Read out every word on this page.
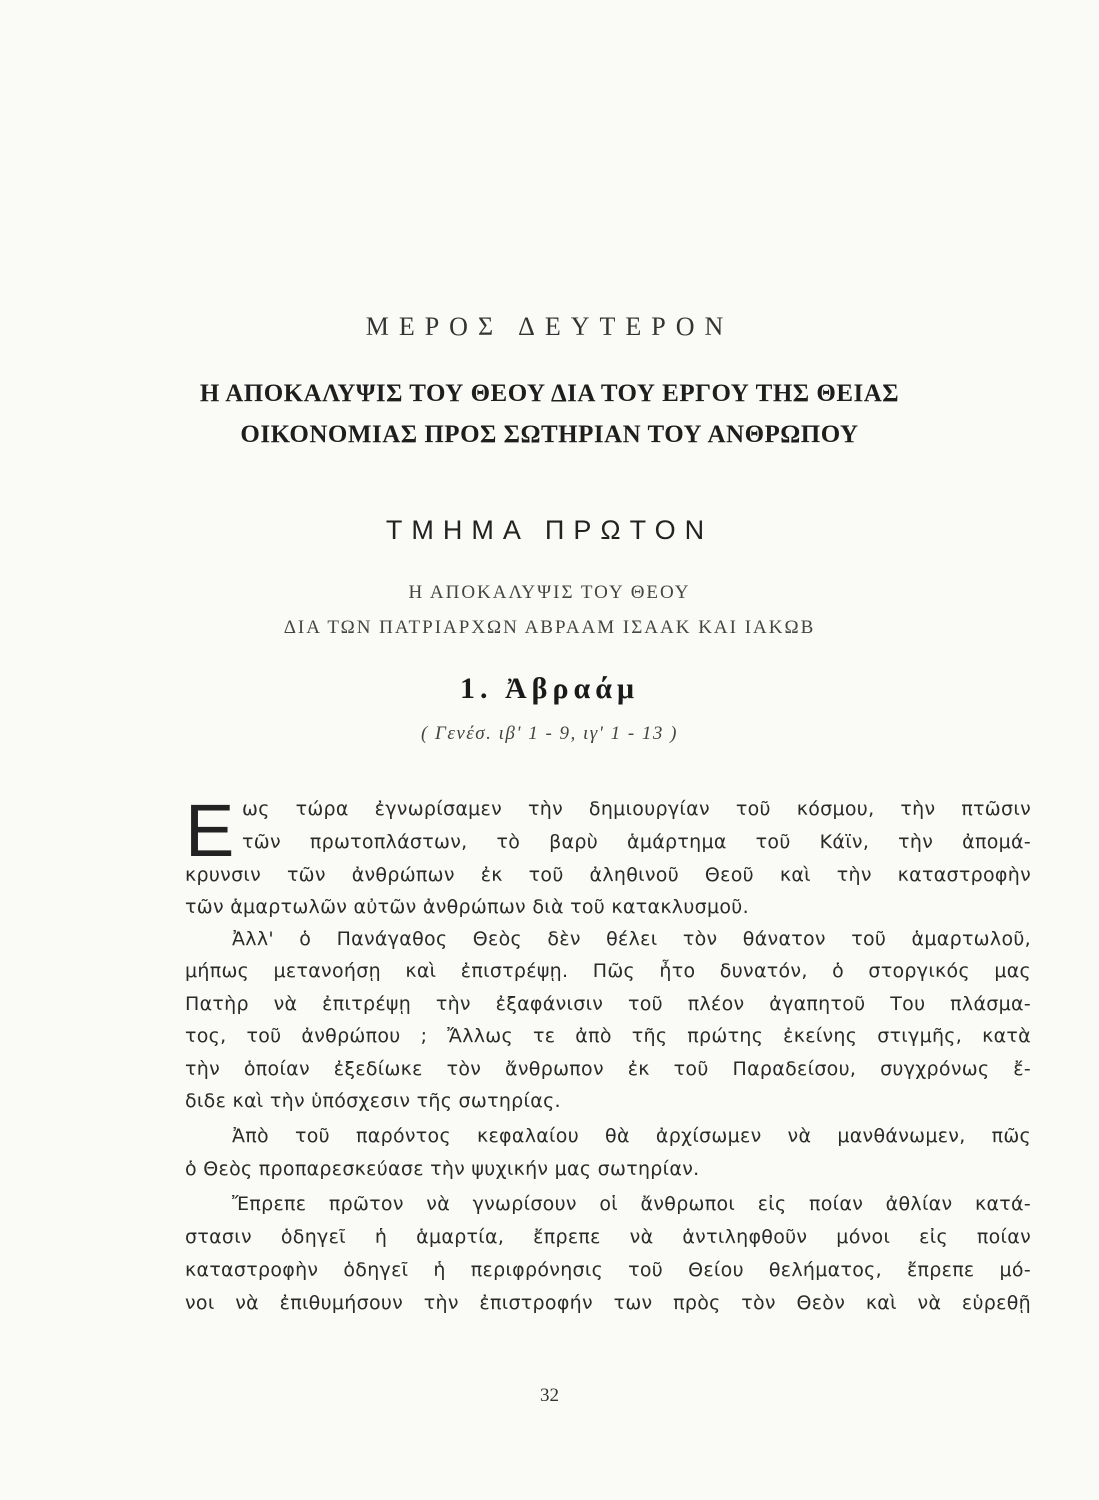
ΜΕΡΟΣ ΔΕΥΤΕΡΟΝ
Η ΑΠΟΚΑΛΥΨΙΣ ΤΟΥ ΘΕΟΥ ΔΙΑ ΤΟΥ ΕΡΓΟΥ ΤΗΣ ΘΕΙΑΣ
ΟΙΚΟΝΟΜΙΑΣ ΠΡΟΣ ΣΩΤΗΡΙΑΝ ΤΟΥ ΑΝΘΡΩΠΟΥ
ΤΜΗΜΑ ΠΡΩΤΟΝ
Η ΑΠΟΚΑΛΥΨΙΣ ΤΟΥ ΘΕΟΥ
ΔΙΑ ΤΩΝ ΠΑΤΡΙΑΡΧΩΝ ΑΒΡΑΑΜ ΙΣΑΑΚ ΚΑΙ ΙΑΚΩΒ
1. Ἀβραάμ
( Γενέσ. ιβ' 1 - 9, ιγ' 1 - 13 )
Ε ως τώρα ἐγνωρίσαμεν τὴν δημιουργίαν τοῦ κόσμου, τὴν πτῶσιν
τῶν πρωτοπλάστων, τὸ βαρὺ ἁμάρτημα τοῦ Κάϊν, τὴν ἀπομά-
κρυνσιν τῶν ἀνθρώπων ἐκ τοῦ ἀληθινοῦ Θεοῦ καὶ τὴν καταστροφὴν
τῶν ἁμαρτωλῶν αὐτῶν ἀνθρώπων διὰ τοῦ κατακλυσμοῦ.
Ἀλλ' ὁ Πανάγαθος Θεὸς δὲν θέλει τὸν θάνατον τοῦ ἁμαρτωλοῦ,
μήπως μετανοήσῃ καὶ ἐπιστρέψῃ. Πῶς ἦτο δυνατόν, ὁ στοργικός μας
Πατὴρ νὰ ἐπιτρέψῃ τὴν ἐξαφάνισιν τοῦ πλέον ἀγαπητοῦ Του πλάσμα-
τος, τοῦ ἀνθρώπου ; Ἄλλως τε ἀπὸ τῆς πρώτης ἐκείνης στιγμῆς, κατὰ
τὴν ὁποίαν ἐξεδίωκε τὸν ἄνθρωπον ἐκ τοῦ Παραδείσου, συγχρόνως ἔ-
διδε καὶ τὴν ὑπόσχεσιν τῆς σωτηρίας.
Ἀπὸ τοῦ παρόντος κεφαλαίου θὰ ἀρχίσωμεν νὰ μανθάνωμεν, πῶς
ὁ Θεὸς προπαρεσκεύασε τὴν ψυχικήν μας σωτηρίαν.
Ἔπρεπε πρῶτον νὰ γνωρίσουν οἱ ἄνθρωποι εἰς ποίαν ἀθλίαν κατά-
στασιν ὁδηγεῖ ἡ ἁμαρτία, ἔπρεπε νὰ ἀντιληφθοῦν μόνοι εἰς ποίαν
καταστροφὴν ὁδηγεῖ ἡ περιφρόνησις τοῦ Θείου θελήματος, ἔπρεπε μό-
νοι νὰ ἐπιθυμήσουν τὴν ἐπιστροφήν των πρὸς τὸν Θεὸν καὶ νὰ εὑρεθῇ
32
